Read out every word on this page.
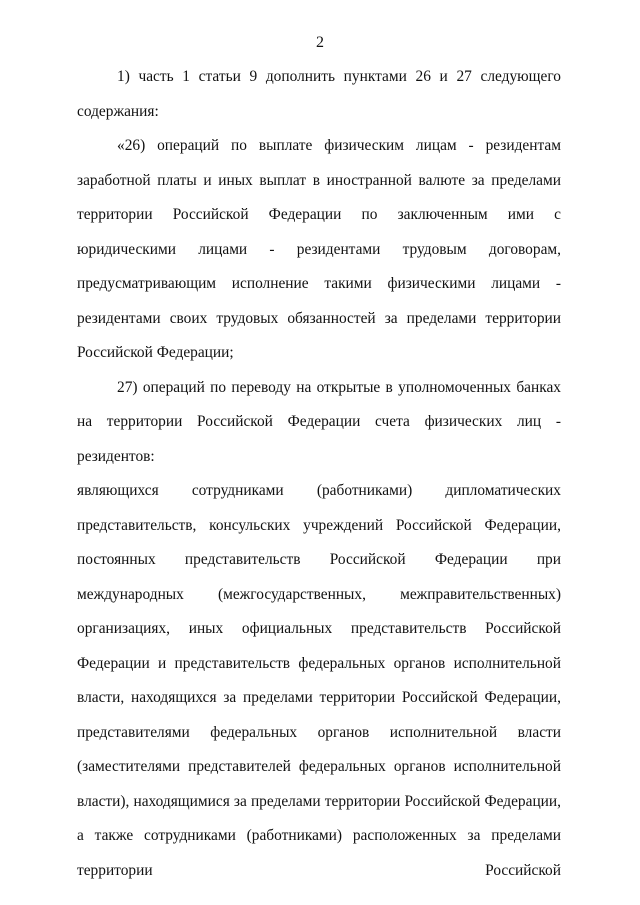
2

1) часть 1 статьи 9 дополнить пунктами 26 и 27 следующего содержания:

«26) операций по выплате физическим лицам - резидентам заработной платы и иных выплат в иностранной валюте за пределами территории Российской Федерации по заключенным ими с юридическими лицами - резидентами трудовым договорам, предусматривающим исполнение такими физическими лицами - резидентами своих трудовых обязанностей за пределами территории Российской Федерации;

27) операций по переводу на открытые в уполномоченных банках на территории Российской Федерации счета физических лиц - резидентов:

являющихся сотрудниками (работниками) дипломатических представительств, консульских учреждений Российской Федерации, постоянных представительств Российской Федерации при международных (межгосударственных, межправительственных) организациях, иных официальных представительств Российской Федерации и представительств федеральных органов исполнительной власти, находящихся за пределами территории Российской Федерации, представителями федеральных органов исполнительной власти (заместителями представителей федеральных органов исполнительной власти), находящимися за пределами территории Российской Федерации, а также сотрудниками (работниками) расположенных за пределами территории Российской
